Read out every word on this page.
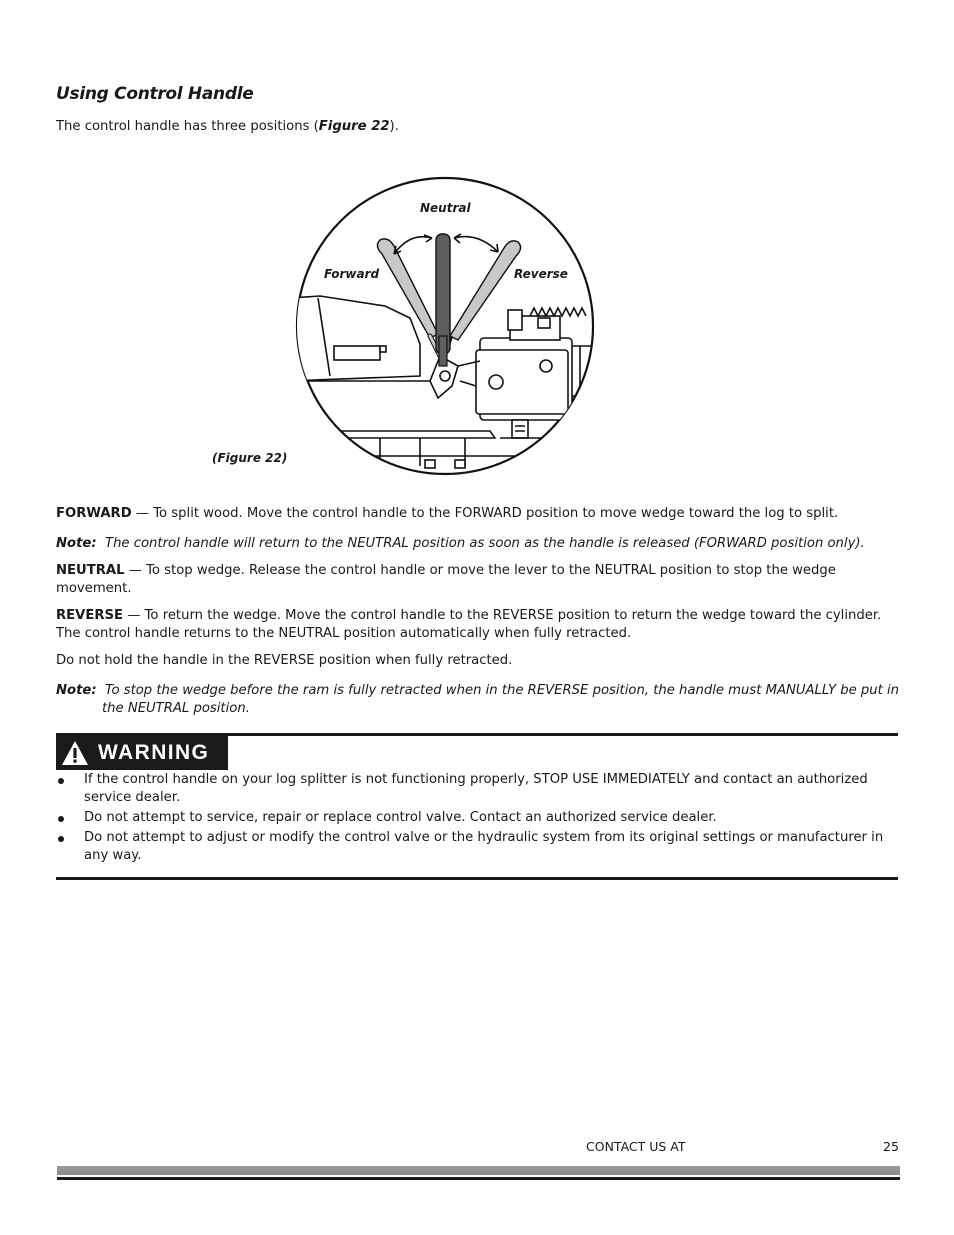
Using Control Handle
The control handle has three positions (Figure 22).
Neutral
Forward	Reverse
(Figure 22)
FORWARD — To split wood. Move the control handle to the FORWARD position to move wedge toward the log to split.
Note: The control handle will return to the NEUTRAL position as soon as the handle is released (FORWARD position only).
NEUTRAL — To stop wedge. Release the control handle or move the lever to the NEUTRAL position to stop the wedge movement.
REVERSE — To return the wedge. Move the control handle to the REVERSE position to return the wedge toward the cylinder. The control handle returns to the NEUTRAL position automatically when fully retracted.
Do not hold the handle in the REVERSE position when fully retracted.
Note: To stop the wedge before the ram is fully retracted when in the REVERSE position, the handle must MANUALLY be put in the NEUTRAL position.
WARNING
If the control handle on your log splitter is not functioning properly, STOP USE IMMEDIATELY and contact an authorized service dealer.
Do not attempt to service, repair or replace control valve. Contact an authorized service dealer.
Do not attempt to adjust or modify the control valve or the hydraulic system from its original settings or manufacturer in any way.
CONTACT US AT	25
